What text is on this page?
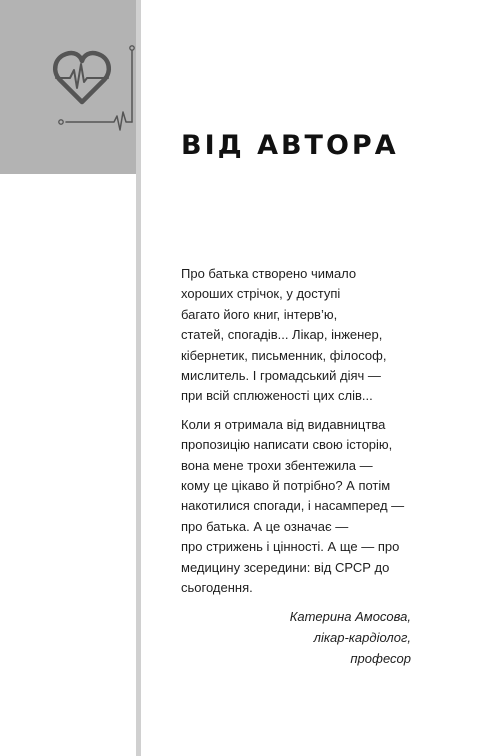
ВІД АВТОРА

Про батька створено чимало
хороших стрічок, у доступі
багато його книг, інтерв’ю,
статей, спогадів... Лікар, інженер,
кібернетик, письменник, філософ,
мислитель. І громадський діяч —
при всій сплюженості цих слів...

Коли я отримала від видавництва
пропозицію написати свою історію,
вона мене трохи збентежила —
кому це цікаво й потрібно? А потім
накотилися спогади, і насамперед —
про батька. А це означає —
про стрижень і цінності. А ще — про
медицину зсередини: від СРСР до
сьогодення.

Катерина Амосова,
лікар-кардіолог,
професор
